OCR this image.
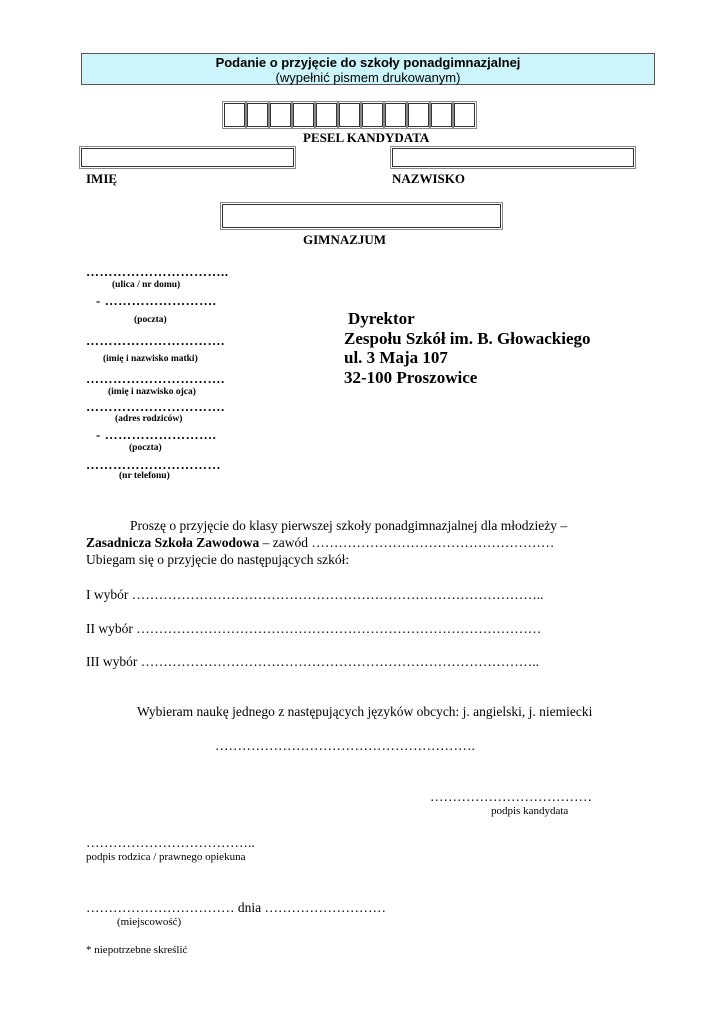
Podanie o przyjęcie do szkoły ponadgimnazjalnej
(wypełnić pismem drukowanym)
PESEL KANDYDATA
IMIĘ	NAZWISKO
GIMNAZJUM
…………………………..
(ulica / nr domu)
- …………………….
(poczta)
………………………….
(imię i nazwisko matki)
………………………….
(imię i nazwisko ojca)
………………………….
(adres rodziców)
- …………………….
(poczta)
…………………………
(nr telefonu)
Dyrektor
Zespołu Szkół im. B. Głowackiego
ul. 3 Maja 107
32-100 Proszowice
Proszę o przyjęcie do klasy pierwszej szkoły ponadgimnazjalnej dla młodzieży –
Zasadnicza Szkoła Zawodowa – zawód ………………………………………………
Ubiegam się o przyjęcie do następujących szkół:
I wybór ………………………………………………………………………………..
II wybór ………………………………………………………………………………
III wybór ……………………………………………………………………………..
Wybieram naukę jednego z następujących języków obcych: j. angielski, j. niemiecki
………………………………………………….
………………………………
podpis kandydata
………………………………..
podpis rodzica / prawnego opiekuna
…………………………… dnia ………………………
(miejscowość)
* niepotrzebne skreślić
